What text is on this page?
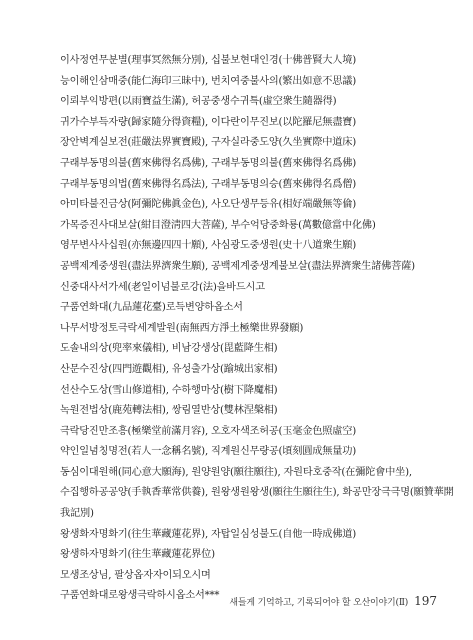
이사정연무분별(理事冥然無分別), 십불보현대인경(十佛普賢大人境)
능이해인삼매중(能仁海印三昧中), 번치여중불사의(繁出如意不思議)
이뢰부익방편(以雨寶益生滿), 허공중생수귀특(虛空衆生隨器得)
귀가수부득자량(歸家隨分得資糧), 이다란이무진보(以陀羅尼無盡寶)
장안벽계실보전(莊嚴法界實寶殿), 구자실라중도양(久坐實際中道床)
구래부동명의불(舊來佛得名爲佛), 구래부동명의불(舊來佛得名爲佛)
구래부동명의법(舊來佛得名爲法), 구래부동명의승(舊來佛得名爲僧)
아미타불진금상(阿彌陀佛眞金色), 사오단생무등유(相好端嚴無等倫)
가목증진사대보살(紺目澄淸四大菩薩), 부수억당중화룡(萬數億當中化佛)
영무변사사십원(亦無邊四四十願), 사심광도중생원(史十八道衆生願)
공백제계중생원(盡法界濟衆生願), 공백제계중생계불보살(盡法界濟衆生諸佛菩薩)
신중대사서가세(老일이넘불로강(法)을바드시고
구품연화대(九品蓮花臺)로득변양하옵소서
나무서방정토극락세계발원(南無西方淨土極樂世界發願)
도솔내의상(兜率來儀相), 비남강생상(毘藍降生相)
산문수진상(四門遊觀相), 유성출가상(踰城出家相)
선산수도상(雪山修道相), 수하행마상(樹下降魔相)
녹원전법상(鹿苑轉法相), 쌍림열반상(雙林涅槃相)
극락당진만조흥(極樂堂前滿月容), 오호자색조허공(玉毫金色照虛空)
약인일념칭명전(若人一念稱名號), 직계원신무량공(頃刻圓成無量功)
동심이대원해(同心意大願海), 원양원양(願往願往), 자원타호중작(在彌陀會中坐),
수집행하공공양(手執香華常供養), 원왕생원왕생(願往生願往生), 화공만장극극명(願贊華開我記別)
왕생화자명화기(往生華藏蓮花界), 자탑일심성불도(自他一時成佛道)
왕생하자명화기(往生華藏蓮花界位)
모생조상님, 팔상옵자자이되오시며
구품연화대로왕생극락하시옵소서***
새들게 기억하고, 기록되어야 할 오산이야기(Ⅱ) 197
